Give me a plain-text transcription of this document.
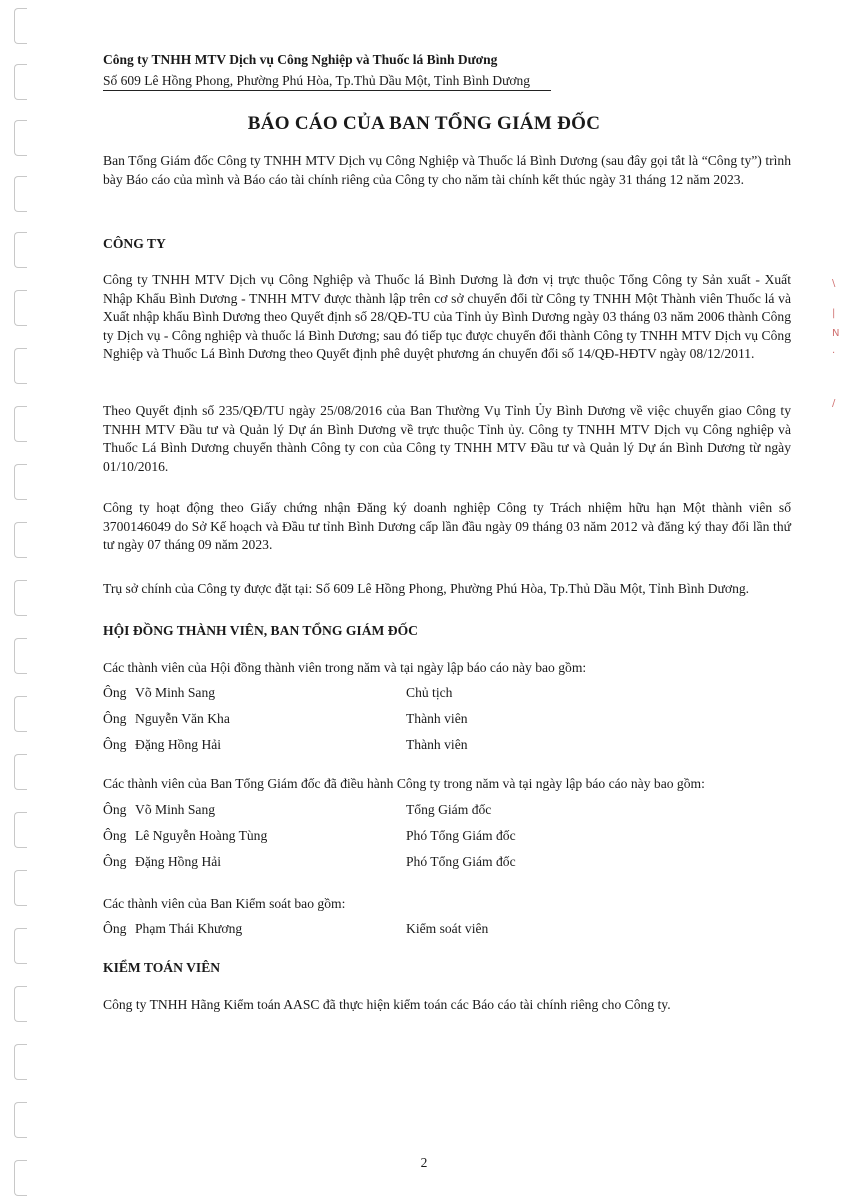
\
|
N
·
/
Công ty TNHH MTV Dịch vụ Công Nghiệp và Thuốc lá Bình Dương
Số 609 Lê Hồng Phong, Phường Phú Hòa, Tp.Thủ Dầu Một, Tỉnh Bình Dương
BÁO CÁO CỦA BAN TỔNG GIÁM ĐỐC

Ban Tổng Giám đốc Công ty TNHH MTV Dịch vụ Công Nghiệp và Thuốc lá Bình Dương (sau đây gọi tắt là “Công ty”) trình bày Báo cáo của mình và Báo cáo tài chính riêng của Công ty cho năm tài chính kết thúc ngày 31 tháng 12 năm 2023.

CÔNG TY

Công ty TNHH MTV Dịch vụ Công Nghiệp và Thuốc lá Bình Dương là đơn vị trực thuộc Tổng Công ty Sản xuất - Xuất Nhập Khẩu Bình Dương - TNHH MTV được thành lập trên cơ sở chuyển đổi từ Công ty TNHH Một Thành viên Thuốc lá và Xuất nhập khẩu Bình Dương theo Quyết định số 28/QĐ-TU của Tỉnh ủy Bình Dương ngày 03 tháng 03 năm 2006 thành Công ty Dịch vụ - Công nghiệp và thuốc lá Bình Dương; sau đó tiếp tục được chuyển đổi thành Công ty TNHH MTV Dịch vụ Công Nghiệp và Thuốc Lá Bình Dương theo Quyết định phê duyệt phương án chuyển đổi số 14/QĐ-HĐTV ngày 08/12/2011.

Theo Quyết định số 235/QĐ/TU ngày 25/08/2016 của Ban Thường Vụ Tỉnh Ủy Bình Dương về việc chuyển giao Công ty TNHH MTV Đầu tư và Quản lý Dự án Bình Dương về trực thuộc Tỉnh ủy. Công ty TNHH MTV Dịch vụ Công nghiệp và Thuốc Lá Bình Dương chuyển thành Công ty con của Công ty TNHH MTV Đầu tư và Quản lý Dự án Bình Dương từ ngày 01/10/2016.

Công ty hoạt động theo Giấy chứng nhận Đăng ký doanh nghiệp Công ty Trách nhiệm hữu hạn Một thành viên số 3700146049 do Sở Kế hoạch và Đầu tư tỉnh Bình Dương cấp lần đầu ngày 09 tháng 03 năm 2012 và đăng ký thay đổi lần thứ tư ngày 07 tháng 09 năm 2023.

Trụ sở chính của Công ty được đặt tại: Số 609 Lê Hồng Phong, Phường Phú Hòa, Tp.Thủ Dầu Một, Tỉnh Bình Dương.

HỘI ĐỒNG THÀNH VIÊN, BAN TỔNG GIÁM ĐỐC

Các thành viên của Hội đồng thành viên trong năm và tại ngày lập báo cáo này bao gồm:

Ông Võ Minh Sang	Chủ tịch
Ông Nguyễn Văn Kha	Thành viên
Ông Đặng Hồng Hải	Thành viên

Các thành viên của Ban Tổng Giám đốc đã điều hành Công ty trong năm và tại ngày lập báo cáo này bao gồm:

Ông Võ Minh Sang	Tổng Giám đốc
Ông Lê Nguyễn Hoàng Tùng	Phó Tổng Giám đốc
Ông Đặng Hồng Hải	Phó Tổng Giám đốc

Các thành viên của Ban Kiểm soát bao gồm:

Ông Phạm Thái Khương	Kiểm soát viên
KIỂM TOÁN VIÊN

Công ty TNHH Hãng Kiểm toán AASC đã thực hiện kiểm toán các Báo cáo tài chính riêng cho Công ty.

2
